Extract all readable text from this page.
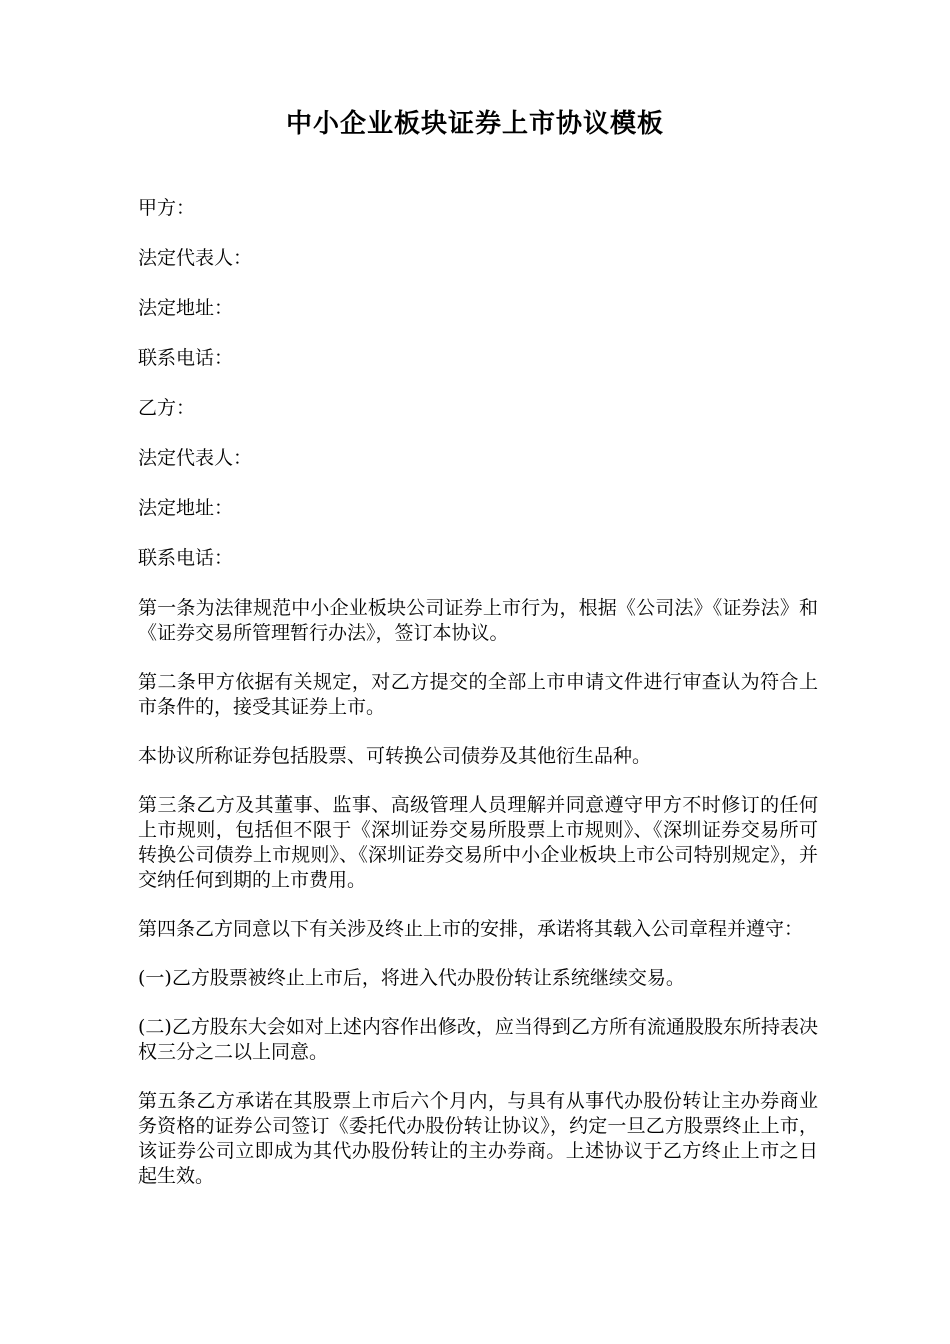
中小企业板块证券上市协议模板
甲方：
法定代表人：
法定地址：
联系电话：
乙方：
法定代表人：
法定地址：
联系电话：

第一条为法律规范中小企业板块公司证券上市行为，根据《公司法》《证券法》和《证券交易所管理暂行办法》，签订本协议。

第二条甲方依据有关规定，对乙方提交的全部上市申请文件进行审查认为符合上市条件的，接受其证券上市。

本协议所称证券包括股票、可转换公司债券及其他衍生品种。

第三条乙方及其董事、监事、高级管理人员理解并同意遵守甲方不时修订的任何上市规则，包括但不限于《深圳证券交易所股票上市规则》、《深圳证券交易所可转换公司债券上市规则》、《深圳证券交易所中小企业板块上市公司特别规定》，并交纳任何到期的上市费用。

第四条乙方同意以下有关涉及终止上市的安排，承诺将其载入公司章程并遵守：

(一)乙方股票被终止上市后，将进入代办股份转让系统继续交易。

(二)乙方股东大会如对上述内容作出修改，应当得到乙方所有流通股股东所持表决权三分之二以上同意。

第五条乙方承诺在其股票上市后六个月内，与具有从事代办股份转让主办券商业务资格的证券公司签订《委托代办股份转让协议》，约定一旦乙方股票终止上市，该证券公司立即成为其代办股份转让的主办券商。上述协议于乙方终止上市之日起生效。
